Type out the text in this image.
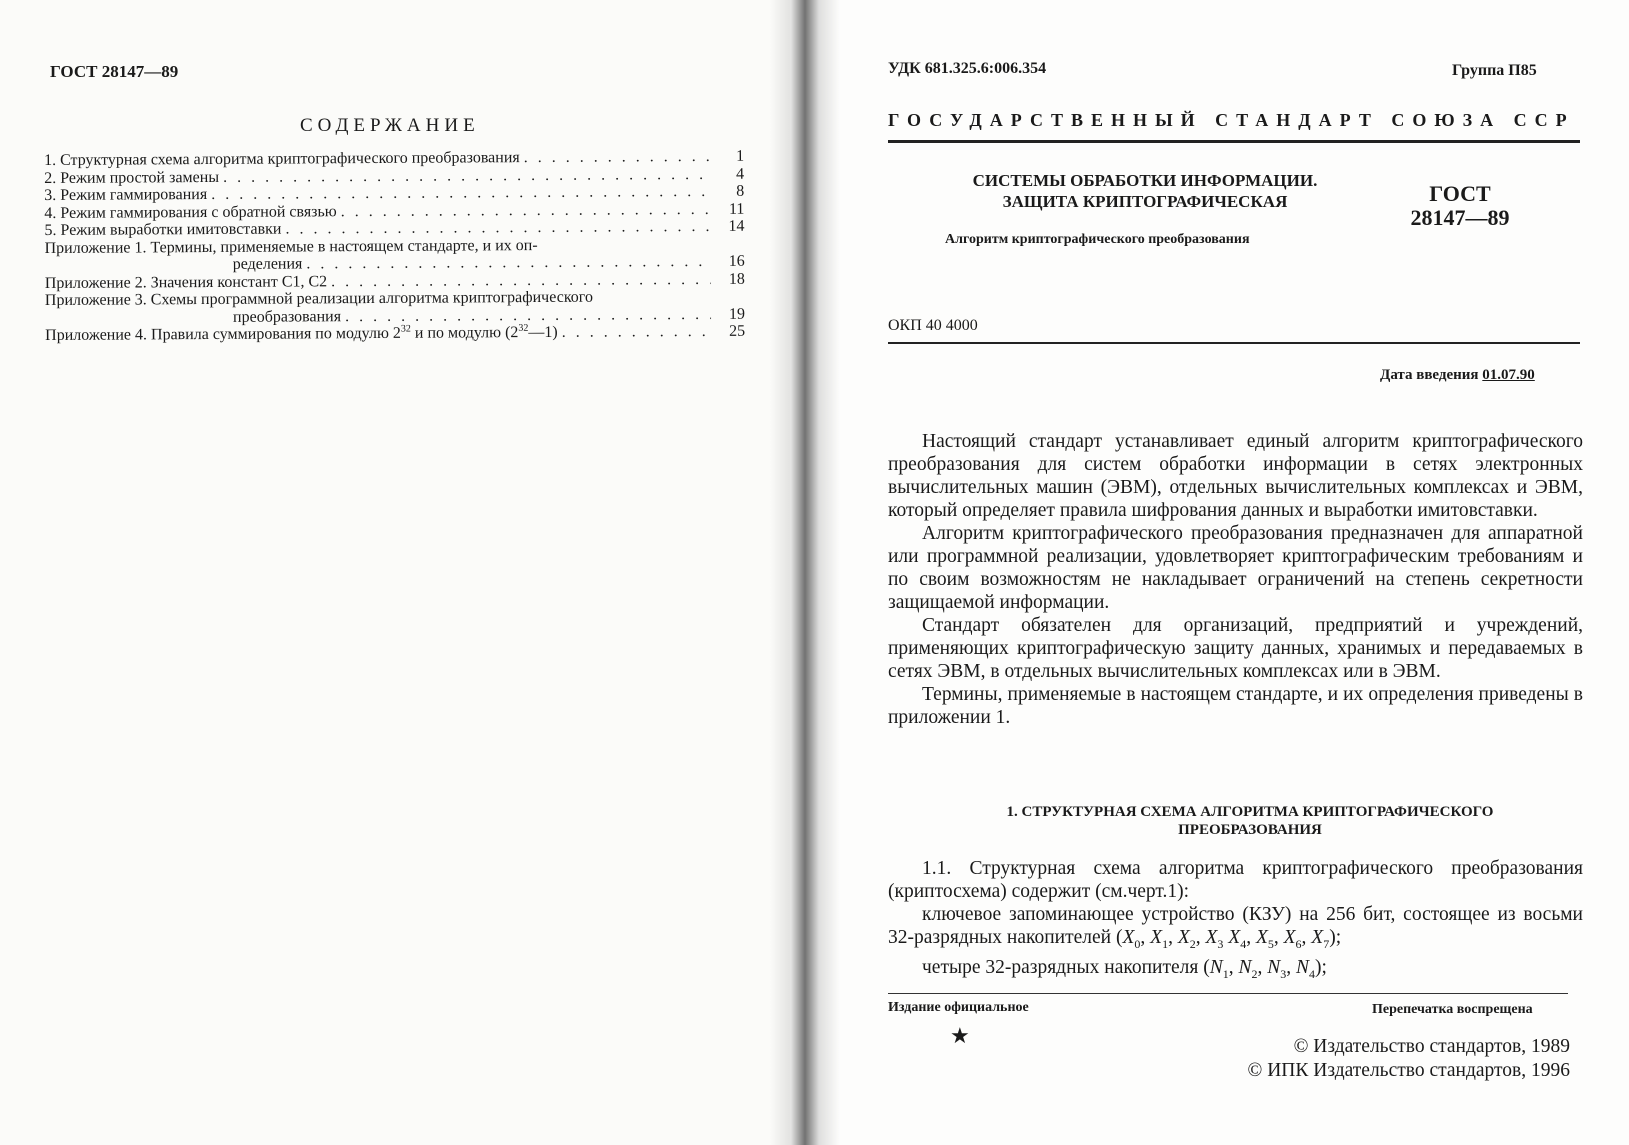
ГОСТ 28147—89
СОДЕРЖАНИЕ
1. Структурная схема алгоритма криптографического преобразования . . .	1
2. Режим простой замены . . .	4
3. Режим гаммирования . . .	8
4. Режим гаммирования с обратной связью . . .	11
5. Режим выработки имитовставки . . .	14
Приложение 1. Термины, применяемые в настоящем стандарте, и их оп-
ределения . . .	16
Приложение 2. Значения констант С1, С2 . . .	18
Приложение 3. Схемы программной реализации алгоритма криптографического
преобразования . . .	19
Приложение 4. Правила суммирования по модулю $2^{32}$ и по модулю $(2^{32}—1)$ . . .	25
УДК 681.325.6:006.354	Группа П85
ГОСУДАРСТВЕННЫЙ СТАНДАРТ СОЮЗА ССР
СИСТЕМЫ ОБРАБОТКИ ИНФОРМАЦИИ.
ЗАЩИТА КРИПТОГРАФИЧЕСКАЯ	ГОСТ
28147—89
Алгоритм криптографического преобразования
ОКП 40 4000
Дата введения 01.07.90

Настоящий стандарт устанавливает единый алгоритм криптографического преобразования для систем обработки информации в сетях электронных вычислительных машин (ЭВМ), отдельных вычислительных комплексах и ЭВМ, который определяет правила шифрования данных и выработки имитовставки.

Алгоритм криптографического преобразования предназначен для аппаратной или программной реализации, удовлетворяет криптографическим требованиям и по своим возможностям не накладывает ограничений на степень секретности защищаемой информации.

Стандарт обязателен для организаций, предприятий и учреждений, применяющих криптографическую защиту данных, хранимых и передаваемых в сетях ЭВМ, в отдельных вычислительных комплексах или в ЭВМ.

Термины, применяемые в настоящем стандарте, и их определения приведены в приложении 1.

1. СТРУКТУРНАЯ СХЕМА АЛГОРИТМА КРИПТОГРАФИЧЕСКОГО
ПРЕОБРАЗОВАНИЯ

1.1. Структурная схема алгоритма криптографического преобразования (криптосхема) содержит (см.черт.1):

ключевое запоминающее устройство (КЗУ) на 256 бит, состоящее из восьми 32-разрядных накопителей ($X_0$, $X_1$, $X_2$, $X_3$ $X_4$, $X_5$, $X_6$, $X_7$);

четыре 32-разрядных накопителя ($N_1$, $N_2$, $N_3$, $N_4$);

Издание официальное	Перепечатка воспрещена
★	© Издательство стандартов, 1989
© ИПК Издательство стандартов, 1996
